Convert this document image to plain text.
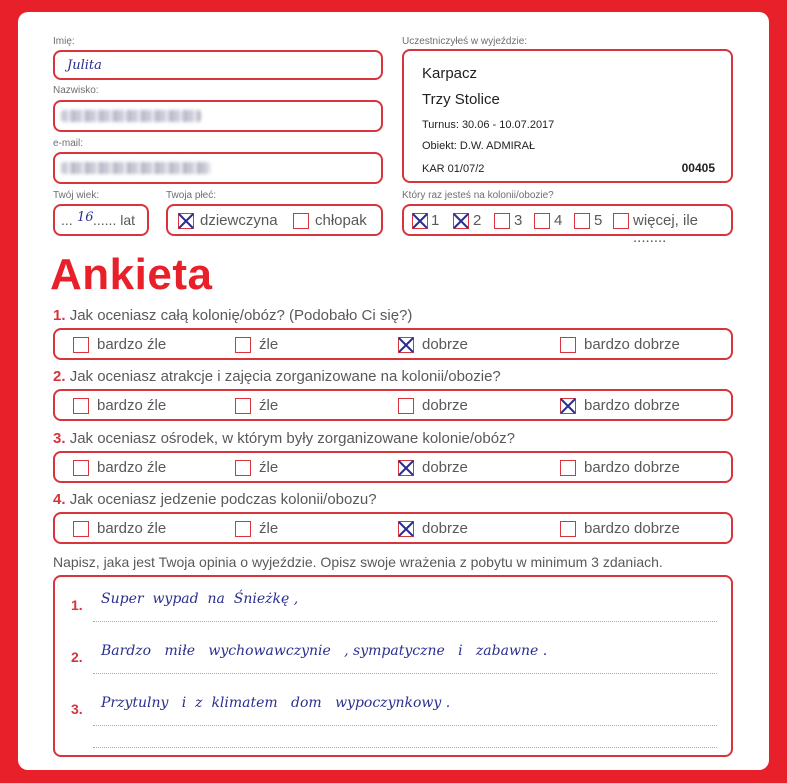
Imię:
Julita
Nazwisko:
e-mail:
Twój wiek:
... 16 ...... lat
Twoja płeć:
dziewczyna chłopak
Uczestniczyłeś w wyjeździe:
Karpacz
Trzy Stolice
Turnus: 30.06 - 10.07.2017
Obiekt: D.W. ADMIRAŁ
KAR 01/07/2	00405
Który raz jesteś na kolonii/obozie?
1 2 3 4 5 więcej, ile ........
Ankieta
1. Jak oceniasz całą kolonię/obóz? (Podobało Ci się?)
bardzo źle	źle	dobrze	bardzo dobrze
2. Jak oceniasz atrakcje i zajęcia zorganizowane na kolonii/obozie?
bardzo źle	źle	dobrze	bardzo dobrze
3. Jak oceniasz ośrodek, w którym były zorganizowane kolonie/obóz?
bardzo źle	źle	dobrze	bardzo dobrze
4. Jak oceniasz jedzenie podczas kolonii/obozu?
bardzo źle	źle	dobrze	bardzo dobrze
Napisz, jaka jest Twoja opinia o wyjeździe. Opisz swoje wrażenia z pobytu w minimum 3 zdaniach.
1. Super  wypad  na  Śnieżkę ,
2. Bardzo   miłe   wychowawczynie   , sympatyczne   i   zabawne .
3. Przytulny   i  z  klimatem   dom   wypoczynkowy .
